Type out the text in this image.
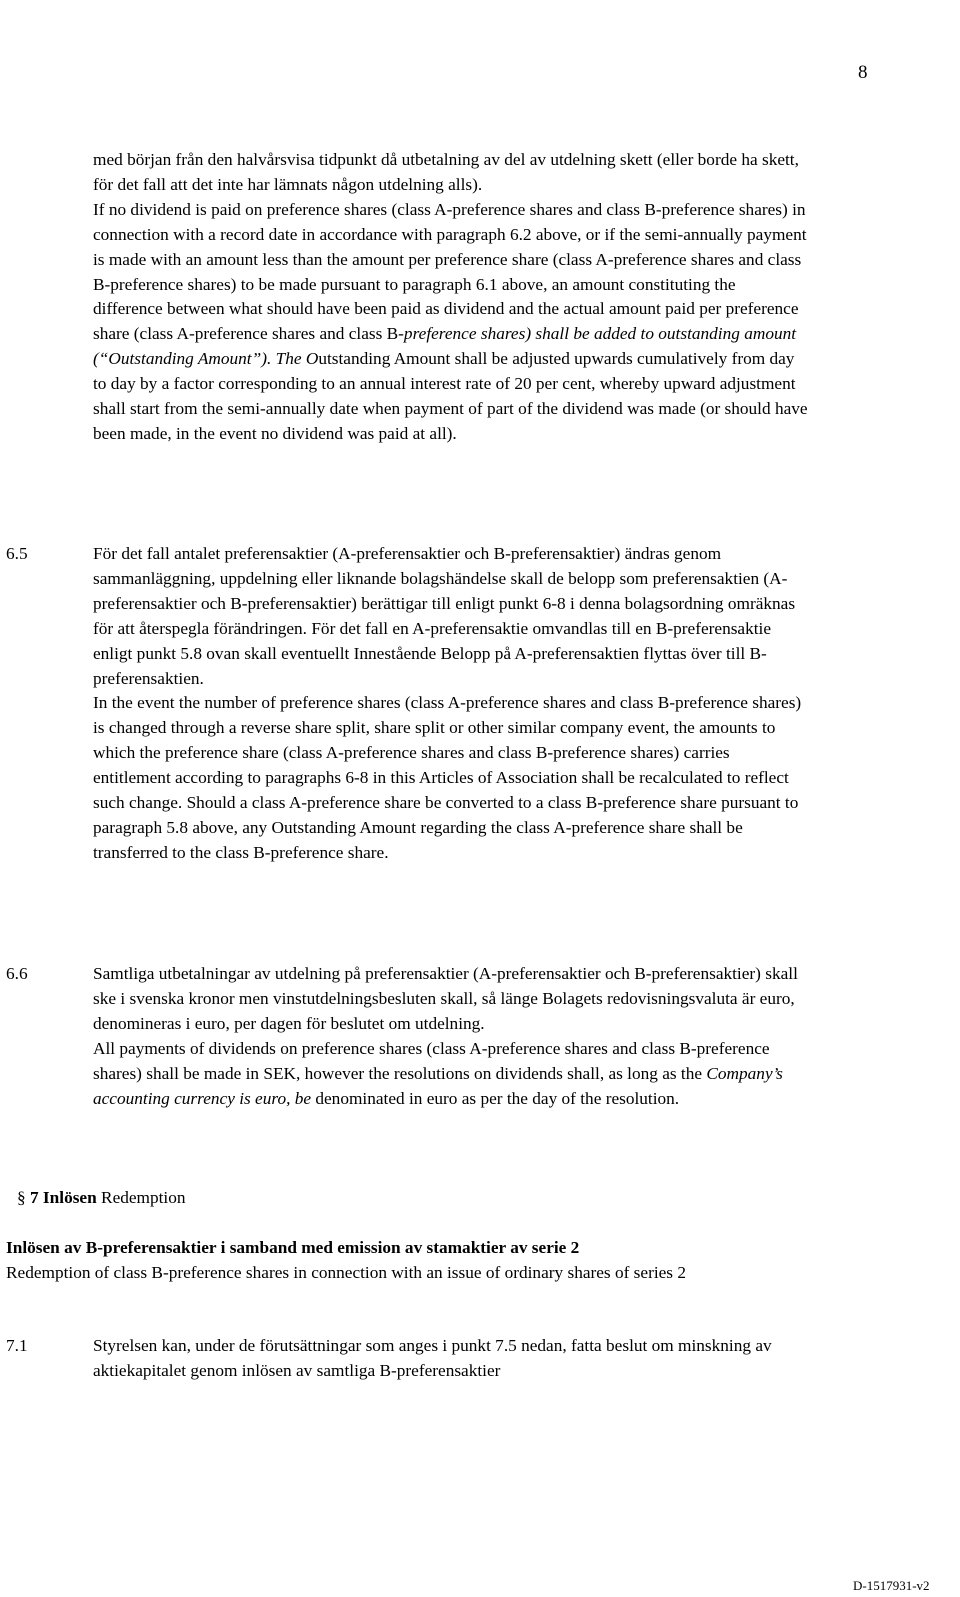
The English text is a translation of the Swedish original and in case of any discrepancies between the Swedish text
and the English translation, the Swedish text shall prevail.
8
med början från den halvårsvisa tidpunkt då utbetalning av del av utdelning skett (eller borde ha skett, för det fall att det inte har lämnats någon utdelning alls).
If no dividend is paid on preference shares (class A-preference shares and class B-preference shares) in connection with a record date in accordance with paragraph 6.2 above, or if the semi-annually payment is made with an amount less than the amount per preference share (class A-preference shares and class B-preference shares) to be made pursuant to paragraph 6.1 above, an amount constituting the difference between what should have been paid as dividend and the actual amount paid per preference share (class A-preference shares and class B-preference shares) shall be added to outstanding amount (“Outstanding Amount”). The Outstanding Amount shall be adjusted upwards cumulatively from day to day by a factor corresponding to an annual interest rate of 20 per cent, whereby upward adjustment shall start from the semi-annually date when payment of part of the dividend was made (or should have been made, in the event no dividend was paid at all).
6.5	För det fall antalet preferensaktier (A-preferensaktier och B-preferensaktier) ändras genom sammanläggning, uppdelning eller liknande bolagshändelse skall de belopp som preferensaktien (A-preferensaktier och B-preferensaktier) berättigar till enligt punkt 6-8 i denna bolagsordning omräknas för att återspegla förändringen. För det fall en A-preferensaktie omvandlas till en B-preferensaktie enligt punkt 5.8 ovan skall eventuellt Innestående Belopp på A-preferensaktien flyttas över till B-preferensaktien.
In the event the number of preference shares (class A-preference shares and class B-preference shares) is changed through a reverse share split, share split or other similar company event, the amounts to which the preference share (class A-preference shares and class B-preference shares) carries entitlement according to paragraphs 6-8 in this Articles of Association shall be recalculated to reflect such change. Should a class A-preference share be converted to a class B-preference share pursuant to paragraph 5.8 above, any Outstanding Amount regarding the class A-preference share shall be transferred to the class B-preference share.
6.6	Samtliga utbetalningar av utdelning på preferensaktier (A-preferensaktier och B-preferensaktier) skall ske i svenska kronor men vinstutdelningsbesluten skall, så länge Bolagets redovisningsvaluta är euro, denomineras i euro, per dagen för beslutet om utdelning.
All payments of dividends on preference shares (class A-preference shares and class B-preference shares) shall be made in SEK, however the resolutions on dividends shall, as long as the Company’s accounting currency is euro, be denominated in euro as per the day of the resolution.
§ 7 Inlösen Redemption
Inlösen av B-preferensaktier i samband med emission av stamaktier av serie 2
Redemption of class B-preference shares in connection with an issue of ordinary shares of series 2
7.1	Styrelsen kan, under de förutsättningar som anges i punkt 7.5 nedan, fatta beslut om minskning av aktiekapitalet genom inlösen av samtliga B-preferensaktier
D-1517931-v2
